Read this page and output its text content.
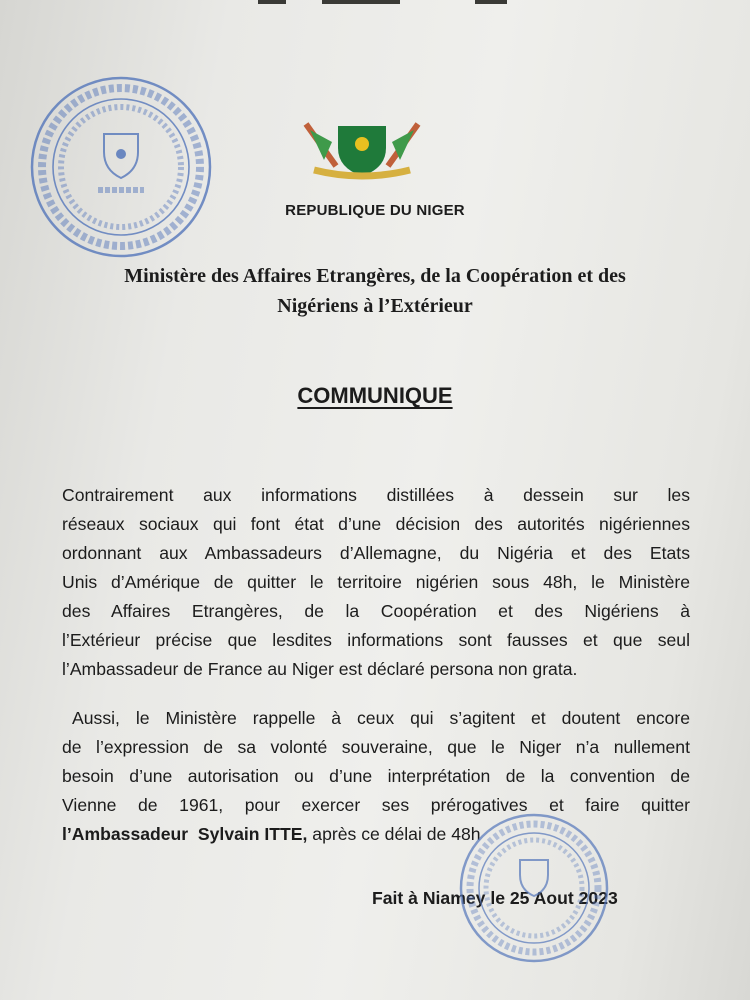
REPUBLIQUE DU NIGER
Ministère des Affaires Etrangères, de la Coopération et des
Nigériens à l’Extérieur
COMMUNIQUE
Contrairement aux informations distillées à dessein sur les
réseaux sociaux qui font état d’une décision des autorités nigériennes
ordonnant aux Ambassadeurs d’Allemagne, du Nigéria et des Etats
Unis d’Amérique de quitter le territoire nigérien sous 48h, le Ministère
des Affaires Etrangères, de la Coopération et des Nigériens à
l’Extérieur précise que lesdites informations sont fausses et que seul
l’Ambassadeur de France au Niger est déclaré persona non grata.
Aussi, le Ministère rappelle à ceux qui s’agitent et doutent encore
de l’expression de sa volonté souveraine, que le Niger n’a nullement
besoin d’une autorisation ou d’une interprétation de la convention de
Vienne de 1961, pour exercer ses prérogatives et faire quitter
l’Ambassadeur  Sylvain ITTE, après ce délai de 48h
Fait à Niamey le 25 Aout 2023
